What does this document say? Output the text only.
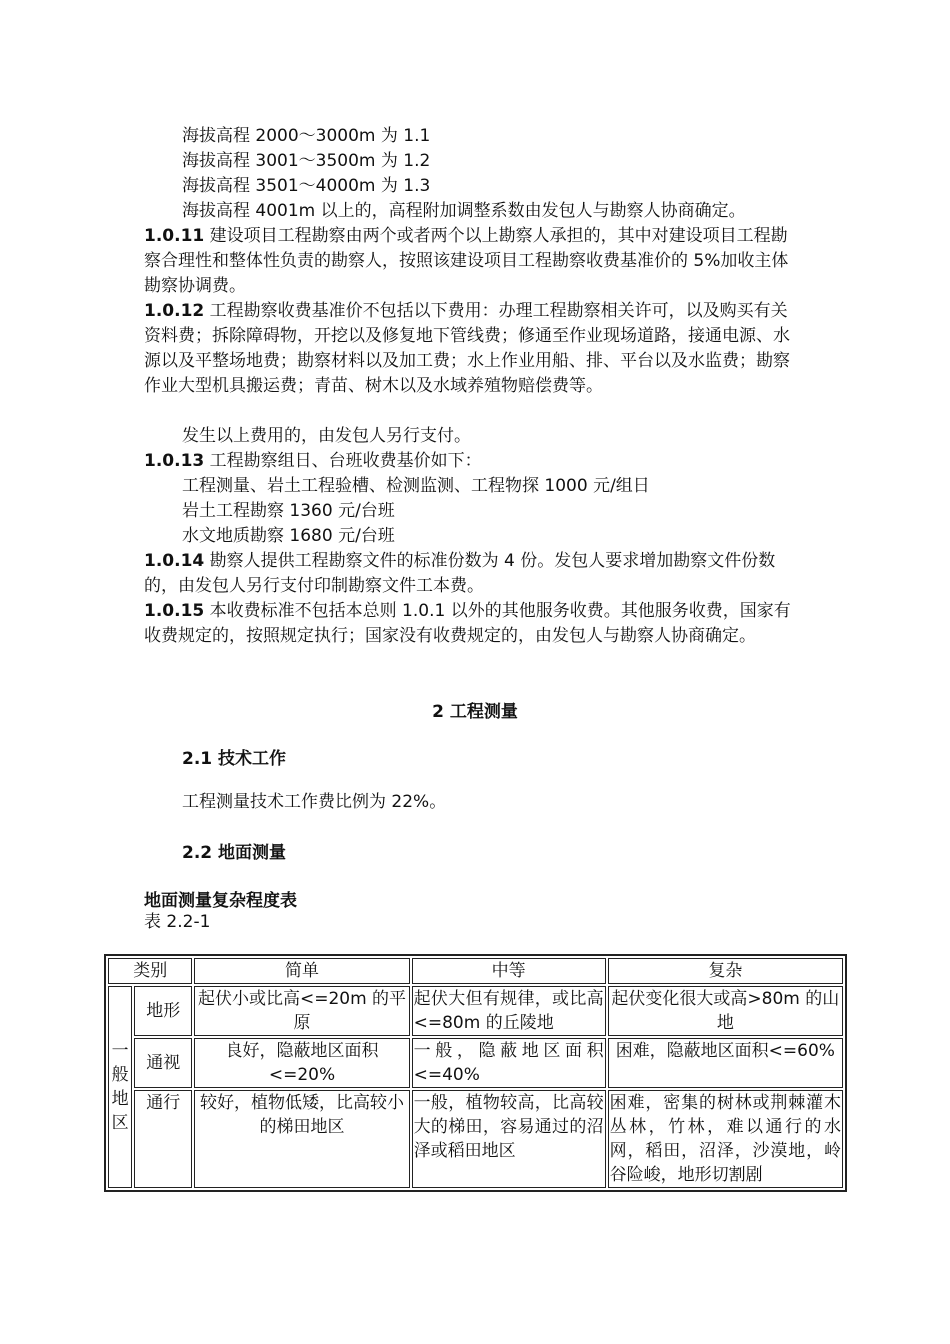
海拔高程 2000～3000m 为 1.1

海拔高程 3001～3500m 为 1.2

海拔高程 3501～4000m 为 1.3

海拔高程 4001m 以上的，高程附加调整系数由发包人与勘察人协商确定。

1.0.11 建设项目工程勘察由两个或者两个以上勘察人承担的，其中对建设项目工程勘察合理性和整体性负责的勘察人，按照该建设项目工程勘察收费基准价的 5%加收主体勘察协调费。

1.0.12 工程勘察收费基准价不包括以下费用：办理工程勘察相关许可，以及购买有关资料费；拆除障碍物，开挖以及修复地下管线费；修通至作业现场道路，接通电源、水源以及平整场地费；勘察材料以及加工费；水上作业用船、排、平台以及水监费；勘察作业大型机具搬运费；青苗、树木以及水域养殖物赔偿费等。

发生以上费用的，由发包人另行支付。

1.0.13 工程勘察组日、台班收费基价如下：

工程测量、岩土工程验槽、检测监测、工程物探 1000 元/组日

岩土工程勘察 1360 元/台班

水文地质勘察 1680 元/台班

1.0.14 勘察人提供工程勘察文件的标准份数为 4 份。发包人要求增加勘察文件份数的，由发包人另行支付印制勘察文件工本费。

1.0.15 本收费标准不包括本总则 1.0.1 以外的其他服务收费。其他服务收费，国家有收费规定的，按照规定执行；国家没有收费规定的，由发包人与勘察人协商确定。

2 工程测量

2.1 技术工作

工程测量技术工作费比例为 22%。

2.2 地面测量

地面测量复杂程度表

表 2.2-1

类别		简单	中等	复杂
一
般
地
区	地形	起伏小或比高<=20m 的平原	起伏大但有规律，或比高<=80m 的丘陵地	起伏变化很大或高>80m 的山地
	通视	良好，隐蔽地区面积<=20%	一般，隐蔽地区面积<=40%	困难，隐蔽地区面积<=60%
	通行	较好，植物低矮，比高较小的梯田地区	一般，植物较高，比高较大的梯田，容易通过的沼泽或稻田地区	困难，密集的树林或荆棘灌木丛林，竹林，难以通行的水网，稻田，沼泽，沙漠地，岭谷险峻，地形切割剧
